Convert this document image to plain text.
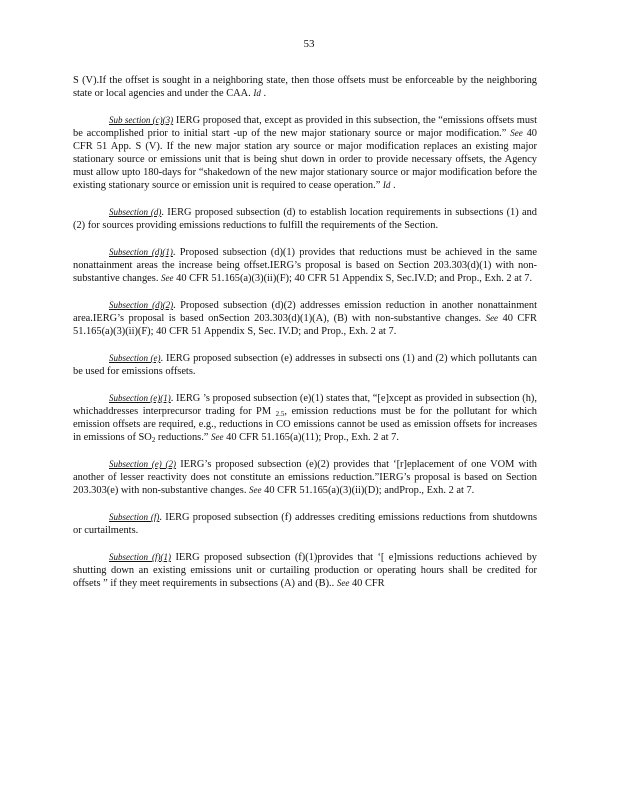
53

S (V).If the offset is sought in a neighboring state, then those offsets must be enforceable by the neighboring state or local agencies and under the CAA. Id .

Sub section (c)(3) IERG proposed that, except as provided in this subsection, the “emissions offsets must be accomplished prior to initial start -up of the new major stationary source or major modification.” See 40 CFR 51 App. S (V). If the new major station ary source or major modification replaces an existing major stationary source or emissions unit that is being shut down in order to provide necessary offsets, the Agency must allow upto 180-days for “shakedown of the new major stationary source or major modification before the existing stationary source or emission unit is required to cease operation.” Id .

Subsection (d). IERG proposed subsection (d) to establish location requirements in subsections (1) and (2) for sources providing emissions reductions to fulfill the requirements of the Section.

Subsection (d)(1). Proposed subsection (d)(1) provides that reductions must be achieved in the same nonattainment areas the increase being offset.IERG’s proposal is based on Section 203.303(d)(1) with non-substantive changes. See 40 CFR 51.165(a)(3)(ii)(F); 40 CFR 51 Appendix S, Sec.IV.D; and Prop., Exh. 2 at 7.

Subsection (d)(2). Proposed subsection (d)(2) addresses emission reduction in another nonattainment area.IERG’s proposal is based onSection 203.303(d)(1)(A), (B) with non-substantive changes. See 40 CFR 51.165(a)(3)(ii)(F); 40 CFR 51 Appendix S, Sec. IV.D; and Prop., Exh. 2 at 7.

Subsection (e). IERG proposed subsection (e) addresses in subsecti ons (1) and (2) which pollutants can be used for emissions offsets.

Subsection (e)(1). IERG ’s proposed subsection (e)(1) states that, “[e]xcept as provided in subsection (h), whichaddresses interprecursor trading for PM $_{2.5}$, emission reductions must be for the pollutant for which emission offsets are required, e.g., reductions in CO emissions cannot be used as emission offsets for increases in emissions of $SO_2$ reductions.” See 40 CFR 51.165(a)(11); Prop., Exh. 2 at 7.

Subsection (e) (2) IERG’s proposed subsection (e)(2) provides that ‘[r]eplacement of one VOM with another of lesser reactivity does not constitute an emissions reduction.”IERG’s proposal is based on Section 203.303(e) with non-substantive changes. See 40 CFR 51.165(a)(3)(ii)(D); andProp., Exh. 2 at 7.

Subsection (f). IERG proposed subsection (f) addresses crediting emissions reductions from shutdowns or curtailments.

Subsection (f)(1) IERG proposed subsection (f)(1)provides that ‘[ e]missions reductions achieved by shutting down an existing emissions unit or curtailing production or operating hours shall be credited for offsets ” if they meet requirements in subsections (A) and (B).. See 40 CFR
